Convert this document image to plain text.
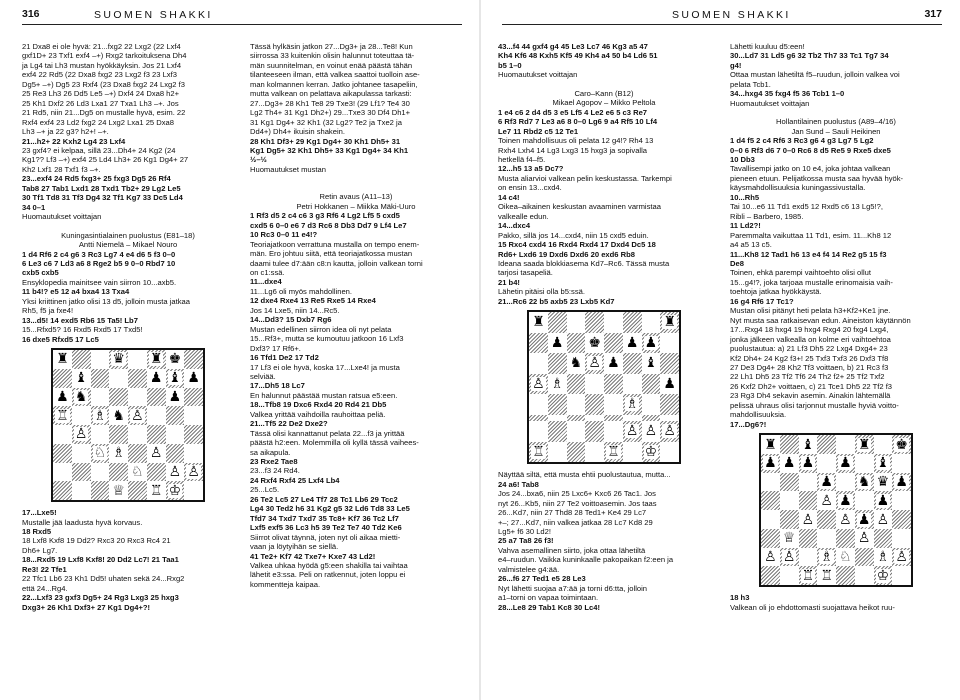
316	SUOMEN SHAKKI

21 Dxa8 ei ole hyvä: 21...fxg2 22 Lxg2 (22 Lxf4

gxf1D+ 23 Txf1 exf4 –+) Rxg2 tarkoituksena Dh4

ja Lg4 tai Lh3 mustan hyökkäyksin. Jos 21 Lxf4

exf4 22 Rd5 (22 Dxa8 fxg2 23 Lxg2 f3 23 Lxf3

Dg5+ –+) Dg5 23 Rxf4 (23 Dxa8 fxg2 24 Lxg2 f3

25 Re3 Lh3 26 Dd5 Le5 –+) Dxf4 24 Dxa8 h2+

25 Kh1 Dxf2 26 Ld3 Lxa1 27 Txa1 Lh3 –+. Jos

21 Rd5, niin 21...Dg5 on mustalle hyvä, esim. 22

Rxf4 exf4 23 Ld2 fxg2 24 Lxg2 Lxa1 25 Dxa8

Lh3 –+ ja 22 g3? h2+! –+.

21...h2+ 22 Kxh2 Lg4 23 Lxf4

23 gxf4? ei kelpaa, sillä 23...Dh4+ 24 Kg2 (24

Kg1?? Lf3 –+) exf4 25 Ld4 Lh3+ 26 Kg1 Dg4+ 27

Kh2 Lxf1 28 Txf1 f3 –+.

23...exf4 24 Rd5 fxg3+ 25 fxg3 Dg5 26 Rf4

Tab8 27 Tab1 Lxd1 28 Txd1 Tb2+ 29 Lg2 Le5

30 Tf1 Td8 31 Tf3 Dg4 32 Tf1 Kg7 33 Dc5 Ld4

34 0–1

Huomautukset voittajan

Kuningasintialainen puolustus (E81–18)

Antti Niemelä – Mikael Nouro

1 d4 Rf6 2 c4 g6 3 Rc3 Lg7 4 e4 d6 5 f3 0–0

6 Le3 c6 7 Ld3 a6 8 Rge2 b5 9 0–0 Rbd7 10

cxb5 cxb5

Ensyklopedia mainitsee vain siirron 10...axb5.

11 b4!? e5 12 a4 bxa4 13 Txa4

Yksi kriittinen jatko olisi 13 d5, jolloin musta jatkaa

Rh5, f5 ja fxe4!

13...d5! 14 exd5 Rb6 15 Ta5! Lb7

15...Rfxd5? 16 Rxd5 Rxd5 17 Txd5!

16 dxe5 Rfxd5 17 Lc5

♜	♛ ♜ ♚
♝	♟ ♝ ♟
♟ ♞	♟
♖ ♗ ♞ ♙
♙
♘ ♗ ♙
♘ ♙ ♙
♕ ♖ ♔

17...Lxe5!

Mustalle jää laadusta hyvä korvaus.

18 Rxd5

18 Lxf8 Kxf8 19 Dd2? Rxc3 20 Rxc3 Rc4 21

Dh6+ Lg7.

18...Rxd5 19 Lxf8 Kxf8! 20 Dd2 Lc7! 21 Taa1

Re3! 22 Tfe1

22 Tfc1 Lb6 23 Kh1 Dd5! uhaten sekä 24...Rxg2

että 24...Rg4.

22...Lxf3 23 gxf3 Dg5+ 24 Rg3 Lxg3 25 hxg3

Dxg3+ 26 Kh1 Dxf3+ 27 Kg1 Dg4+?!

Tässä hylkäsin jatkon 27...Dg3+ ja 28...Te8! Kun

siirrossa 33 kuitenkin olisin halunnut toteuttaa tä-

män suunnitelman, en voinut enää päästä tähän

tilanteeseen ilman, että valkea saattoi tuolloin ase-

man kolmannen kerran. Jatko johtanee tasapeliin,

mutta valkean on pelattava aikapulassa tarkasti:

27...Dg3+ 28 Kh1 Te8 29 Txe3! (29 Lf1? Te4 30

Lg2 Th4+ 31 Kg1 Dh2+) 29...Txe3 30 Df4 Dh1+

31 Kg1 Dg4+ 32 Kh1 (32 Lg2? Te2 ja Txe2 ja

Dd4+) Dh4+ ikuisin shakein.

28 Kh1 Df3+ 29 Kg1 Dg4+ 30 Kh1 Dh5+ 31

Kg1 Dg5+ 32 Kh1 Dh5+ 33 Kg1 Dg4+ 34 Kh1

½–½

Huomautukset mustan

Retin avaus (A11–13)

Petri Hokkanen – Miikka Mäki-Uuro

1 Rf3 d5 2 c4 c6 3 g3 Rf6 4 Lg2 Lf5 5 cxd5

cxd5 6 0–0 e6 7 d3 Rc6 8 Db3 Dd7 9 Lf4 Le7

10 Rc3 0–0 11 e4!?

Teoriajatkoon verrattuna mustalla on tempo enem-

män. Ero johtuu siitä, että teoriajatkossa mustan

daami tulee d7:ään c8:n kautta, jolloin valkean torni

on c1:ssä.

11...dxe4

11...Lg6 oli myös mahdollinen.

12 dxe4 Rxe4 13 Re5 Rxe5 14 Rxe4

Jos 14 Lxe5, niin 14...Rc5.

14...Dd3? 15 Dxb7 Rg6

Mustan edellinen siirron idea oli nyt pelata

15...Rf3+, mutta se kumoutuu jatkoon 16 Lxf3

Dxf3? 17 Rf6+.

16 Tfd1 De2 17 Td2

17 Lf3 ei ole hyvä, koska 17...Lxe4! ja musta

selviää.

17...Dh5 18 Lc7

En halunnut päästää mustan ratsua e5:een.

18...Tfb8 19 Dxc6 Rxd4 20 Rd4 21 Db5

Valkea yrittää vaihdoilla rauhoittaa peliä.

21...Tf5 22 De2 Dxe2?

Tässä olisi kannattanut pelata 22...f3 ja yrittää

päästä h2:een. Molemmilla oli kyllä tässä vaihees-

sa aikapula.

23 Rxe2 Tae8

23...f3 24 Rd4.

24 Rxf4 Rxf4 25 Lxf4 Lb4

25...Lc5.

26 Te2 Lc5 27 Le4 Tf7 28 Tc1 Lb6 29 Tcc2

Lg4 30 Ted2 h6 31 Kg2 g5 32 Ld6 Td8 33 Le5

Tfd7 34 Txd7 Txd7 35 Tc8+ Kf7 36 Tc2 Lf7

Lxf5 exf5 36 Lc3 h5 39 Te2 Te7 40 Td2 Ke6

Siirrot olivat täynnä, joten nyt oli aikaa mietti-

vaan ja löytyihän se siellä.

41 Te2+ Kf7 42 Txe7+ Kxe7 43 Ld2!

Valkea uhkaa hyödä g5:een shakilla tai vaihtaa

lähetit e3:ssa. Peli on ratkennut, joten loppu ei

kommentteja kaipaa.

SUOMEN SHAKKI	317

43...f4 44 gxf4 g4 45 Le3 Lc7 46 Kg3 a5 47

Kh4 Kf6 48 Kxh5 Kf5 49 Kh4 a4 50 b4 Ld6 51

b5 1–0

Huomautukset voittajan

Caro–Kann (B12)

Mikael Agopov – Mikko Peltola

1 e4 c6 2 d4 d5 3 e5 Lf5 4 Le2 e6 5 c3 Re7

6 Rf3 Rd7 7 Le3 a6 8 0–0 Lg6 9 a4 Rf5 10 Lf4

Le7 11 Rbd2 c5 12 Te1

Toinen mahdollisuus oli pelata 12 g4!? Rh4 13

Rxh4 Lxh4 14 Lg3 Lxg3 15 hxg3 ja sopivalla

hetkellä f4–f5.

12...h5 13 a5 Dc7?

Musta aliarvioi valkean pelin keskustassa. Tarkempi

on ensin 13...cxd4.

14 c4!

Oikea–aikainen keskustan avaaminen varmistaa

valkealle edun.

14...dxc4

Pakko, sillä jos 14...cxd4, niin 15 cxd5 eduin.

15 Rxc4 cxd4 16 Rxd4 Rxd4 17 Dxd4 Dc5 18

Rd6+ Lxd6 19 Dxd6 Dxd6 20 exd6 Rb8

Ideana saada blokkiasema Kd7–Rc6. Tässä musta

tarjosi tasapeliä.

21 b4!

Lähetin pitäisi olla b5:ssä.

21...Rc6 22 b5 axb5 23 Lxb5 Kd7

♜	♜
♟ ♚ ♟ ♟
♞ ♙ ♟ ♝
♙ ♗	♟
♗
♙ ♙ ♙
♖	♖ ♔

Näyttää siltä, että musta ehtii puolustautua, mutta...

24 a6! Tab8

Jos 24...bxa6, niin 25 Lxc6+ Kxc6 26 Tac1. Jos

nyt 26...Kb5, niin 27 Te2 voittoasemin. Jos taas

26...Kd7, niin 27 Thd8 28 Ted1+ Ke4 29 Lc7

+–; 27...Kd7, niin valkea jatkaa 28 Lc7 Kd8 29

Lg5+ f6 30 Ld2!

25 a7 Ta8 26 f3!

Vahva asemallinen siirto, joka ottaa lähetiltä

e4–ruudun. Vaikka kuninkaalle pakopaikan f2:een ja

valmistelee g4:ää.

26...f6 27 Ted1 e5 28 Le3

Nyt lähetti suojaa a7:ää ja torni d6:tta, jolloin

a1–torni on vapaa toimintaan.

28...Le8 29 Tab1 Kc8 30 Lc4!

Lähetti kuuluu d5:een!

30...Ld7 31 Ld5 g6 32 Tb2 Th7 33 Tc1 Tg7 34

g4!

Ottaa mustan lähetiltä f5–ruudun, jolloin valkea voi

pelata Tcb1.

34...hxg4 35 fxg4 f5 36 Tcb1 1–0

Huomautukset voittajan

Hollantilainen puolustus (A89–4/16)

Jan Sund – Sauli Heikinen

1 d4 f5 2 c4 Rf6 3 Rc3 g6 4 g3 Lg7 5 Lg2

0–0 6 Rf3 d6 7 0–0 Rc6 8 d5 Re5 9 Rxe5 dxe5

10 Db3

Tavallisempi jatko on 10 e4, joka johtaa valkean

pieneen etuun. Pelijatkossa musta saa hyvää hyök-

käysmahdollisuuksia kuningassivustalla.

10...Rh5

Tai 10...e6 11 Td1 exd5 12 Rxd5 c6 13 Lg5!?,

Ribli – Barbero, 1985.

11 Ld2?!

Paremmalta vaikuttaa 11 Td1, esim. 11...Kh8 12

a4 a5 13 c5.

11...Kh8 12 Tad1 h6 13 e4 f4 14 Re2 g5 15 f3

De8

Toinen, ehkä parempi vaihtoehto olisi ollut

15...g4!?, joka tarjoaa mustalle erinomaisia vaih-

toehtoja jatkaa hyökkäystä.

16 g4 Rf6 17 Tc1?

Mustan olisi pitänyt heti pelata h3+Kf2+Ke1 jne.

Nyt musta saa ratkaisevan edun. Aineiston käytännön

17...Rxg4 18 hxg4 19 hxg4 Rxg4 20 fxg4 Lxg4,

jonka jälkeen valkealla on kolme eri vaihtoehtoa

puolustautua: a) 21 Lf3 Dh5 22 Lxg4 Dxg4+ 23

Kf2 Dh4+ 24 Kg2 f3+! 25 Txf3 Txf3 26 Dxf3 Tf8

27 De3 Dg4+ 28 Kh2 Tf3 voittaen, b) 21 Rc3 f3

22 Lh1 Dh5 23 Tf2 Tf6 24 Th2 f2+ 25 Tf2 Txf2

26 Kxf2 Dh2+ voittaen, c) 21 Tce1 Dh5 22 Tf2 f3

23 Rg3 Dh4 sekavin asemin. Ainakin lähtemällä

pelissä uhraus olisi tarjonnut mustalle hyviä voitto-

mahdollisuuksia.

17...Dg6?!

♜ ♝	♜ ♚
♟ ♟ ♟ ♟ ♝
♟ ♞ ♛ ♟
♙ ♟ ♟
♙ ♙ ♟ ♙
♕	♙
♙ ♙ ♗ ♘ ♗ ♙
♖ ♖	♔

18 h3

Valkean oli jo ehdottomasti suojattava heikot ruu-
